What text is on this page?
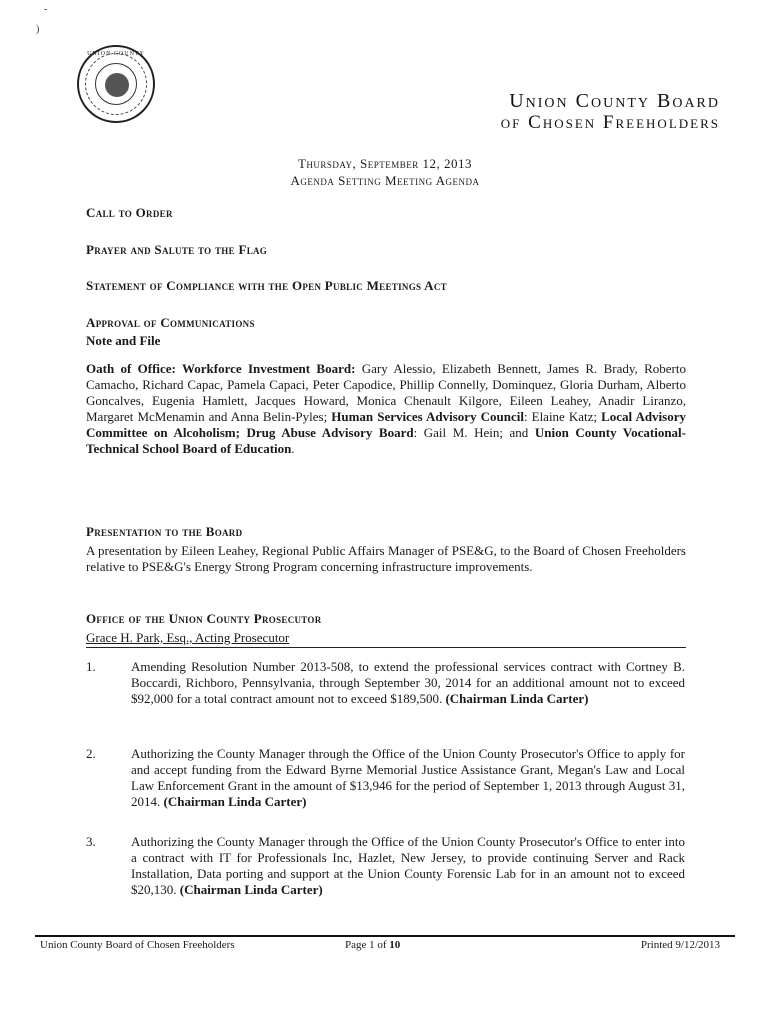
-
)
UNION COUNTY
Union County Board
of Chosen Freeholders
Thursday, September 12, 2013
Agenda Setting Meeting Agenda
Call to Order
Prayer and Salute to the Flag
Statement of Compliance with the Open Public Meetings Act
Approval of Communications
Note and File
Oath of Office: Workforce Investment Board: Gary Alessio, Elizabeth Bennett, James R. Brady, Roberto Camacho, Richard Capac, Pamela Capaci, Peter Capodice, Phillip Connelly, Dominquez, Gloria Durham, Alberto Goncalves, Eugenia Hamlett, Jacques Howard, Monica Chenault Kilgore, Eileen Leahey, Anadir Liranzo, Margaret McMenamin and Anna Belin-Pyles; Human Services Advisory Council: Elaine Katz; Local Advisory Committee on Alcoholism; Drug Abuse Advisory Board: Gail M. Hein; and Union County Vocational-Technical School Board of Education.
Presentation to the Board
A presentation by Eileen Leahey, Regional Public Affairs Manager of PSE&G, to the Board of Chosen Freeholders relative to PSE&G's Energy Strong Program concerning infrastructure improvements.
Office of the Union County Prosecutor
Grace H. Park, Esq., Acting Prosecutor
1.	Amending Resolution Number 2013-508, to extend the professional services contract with Cortney B. Boccardi, Richboro, Pennsylvania, through September 30, 2014 for an additional amount not to exceed $92,000 for a total contract amount not to exceed $189,500. (Chairman Linda Carter)
2.	Authorizing the County Manager through the Office of the Union County Prosecutor's Office to apply for and accept funding from the Edward Byrne Memorial Justice Assistance Grant, Megan's Law and Local Law Enforcement Grant in the amount of $13,946 for the period of September 1, 2013 through August 31, 2014. (Chairman Linda Carter)
3.	Authorizing the County Manager through the Office of the Union County Prosecutor's Office to enter into a contract with IT for Professionals Inc, Hazlet, New Jersey, to provide continuing Server and Rack Installation, Data porting and support at the Union County Forensic Lab for in an amount not to exceed $20,130. (Chairman Linda Carter)
Union County Board of Chosen Freeholders	Page 1 of 10	Printed 9/12/2013
